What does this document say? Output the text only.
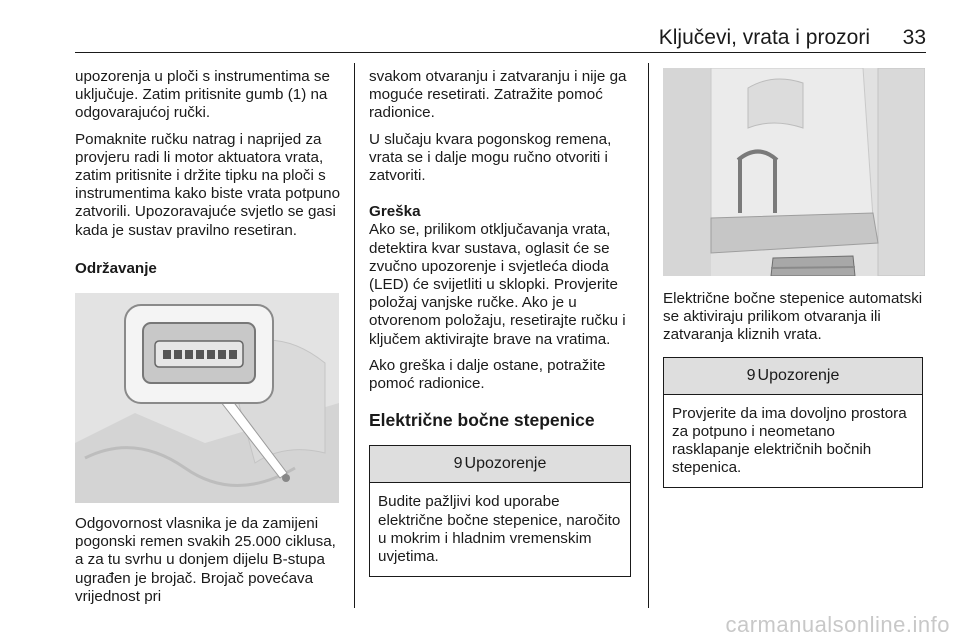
Ključevi, vrata i prozori	33

upozorenja u ploči s instrumentima se uključuje. Zatim pritisnite gumb (1) na odgovarajućoj ručki.

Pomaknite ručku natrag i naprijed za provjeru radi li motor aktuatora vrata, zatim pritisnite i držite tipku na ploči s instrumentima kako biste vrata potpuno zatvorili. Upozoravajuće svjetlo se gasi kada je sustav pravilno resetiran.

Održavanje

Odgovornost vlasnika je da zamijeni pogonski remen svakih 25.000 ciklusa, a za tu svrhu u donjem dijelu B-stupa ugrađen je brojač. Brojač povećava vrijednost pri

svakom otvaranju i zatvaranju i nije ga moguće resetirati. Zatražite pomoć radionice.

U slučaju kvara pogonskog remena, vrata se i dalje mogu ručno otvoriti i zatvoriti.

Greška

Ako se, prilikom otključavanja vrata, detektira kvar sustava, oglasit će se zvučno upozorenje i svjetleća dioda (LED) će svijetliti u sklopki. Provjerite položaj vanjske ručke. Ako je u otvorenom položaju, resetirajte ručku i ključem aktivirajte brave na vratima.

Ako greška i dalje ostane, potražite pomoć radionice.

Električne bočne stepenice

9 Upozorenje
Budite pažljivi kod uporabe električne bočne stepenice, naročito u mokrim i hladnim vremenskim uvjetima.

Električne bočne stepenice automatski se aktiviraju prilikom otvaranja ili zatvaranja kliznih vrata.

9 Upozorenje
Provjerite da ima dovoljno prostora za potpuno i neometano rasklapanje električnih bočnih stepenica.
carmanualsonline.info
